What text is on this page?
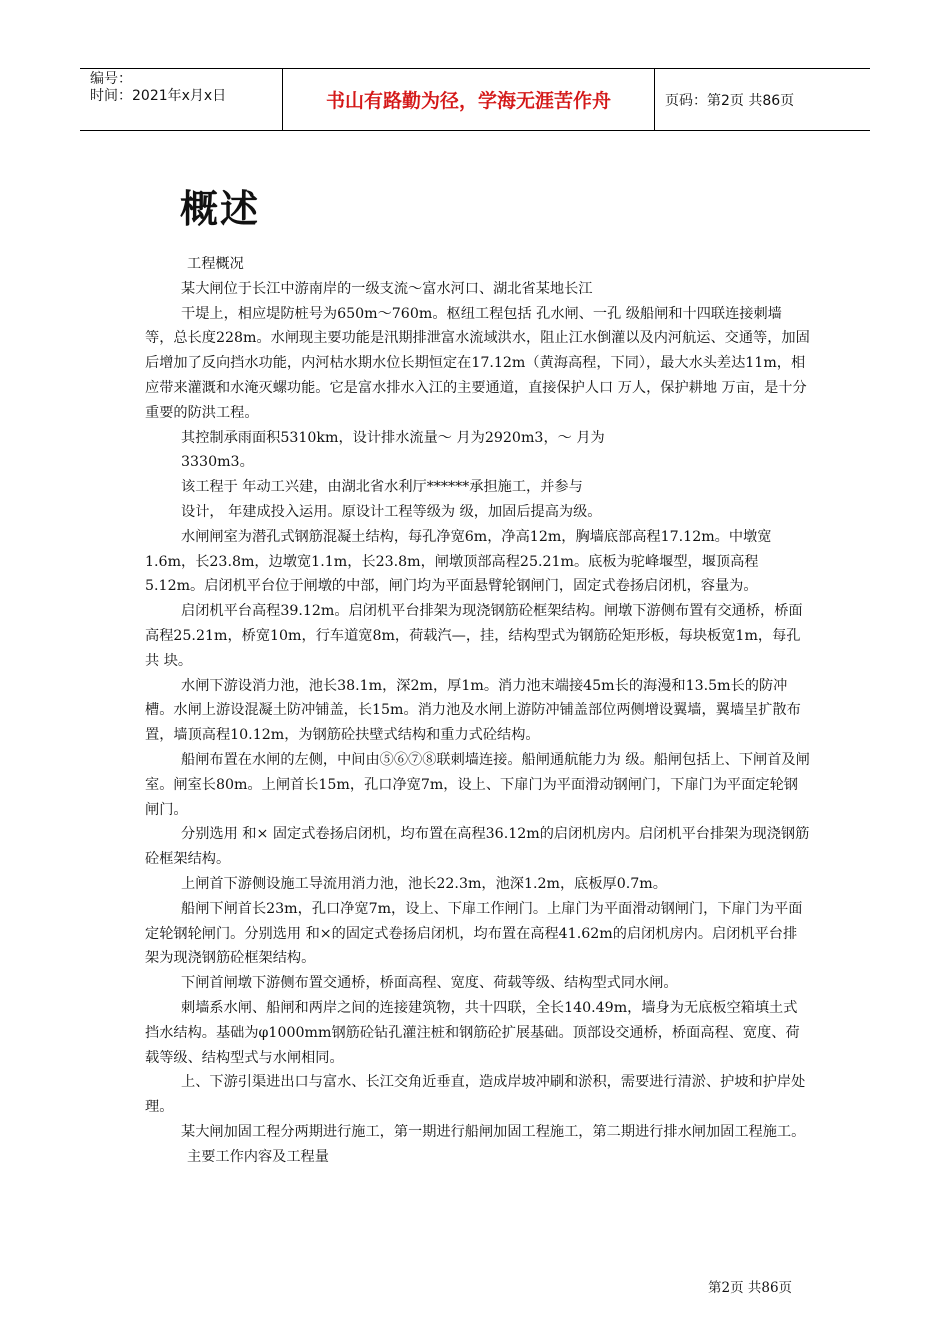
编号：
时间：2021年x月x日	书山有路勤为径，学海无涯苦作舟	页码：第2页 共86页
概述

工程概况

某大闸位于长江中游南岸的一级支流～富水河口、湖北省某地长江

干堤上，相应堤防桩号为650m～760m。枢纽工程包括 孔水闸、一孔 级船闸和十四联连接刺墙等，总长度228m。水闸现主要功能是汛期排泄富水流域洪水，阻止江水倒灌以及内河航运、交通等，加固后增加了反向挡水功能，内河枯水期水位长期恒定在17.12m（黄海高程，下同），最大水头差达11m，相应带来灌溉和水淹灭螺功能。它是富水排水入江的主要通道，直接保护人口 万人，保护耕地 万亩，是十分重要的防洪工程。

其控制承雨面积5310km，设计排水流量～ 月为2920m3，～ 月为

3330m3。

该工程于 年动工兴建，由湖北省水利厅******承担施工，并参与

设计， 年建成投入运用。原设计工程等级为 级，加固后提高为级。

水闸闸室为潜孔式钢筋混凝土结构，每孔净宽6m，净高12m，胸墙底部高程17.12m。中墩宽1.6m，长23.8m，边墩宽1.1m，长23.8m，闸墩顶部高程25.21m。底板为驼峰堰型，堰顶高程5.12m。启闭机平台位于闸墩的中部，闸门均为平面悬臂轮钢闸门，固定式卷扬启闭机，容量为。

启闭机平台高程39.12m。启闭机平台排架为现浇钢筋砼框架结构。闸墩下游侧布置有交通桥，桥面高程25.21m，桥宽10m，行车道宽8m，荷载汽—，挂，结构型式为钢筋砼矩形板，每块板宽1m，每孔共 块。

水闸下游设消力池，池长38.1m，深2m，厚1m。消力池末端接45m长的海漫和13.5m长的防冲槽。水闸上游设混凝土防冲铺盖，长15m。消力池及水闸上游防冲铺盖部位两侧增设翼墙，翼墙呈扩散布置，墙顶高程10.12m，为钢筋砼扶壁式结构和重力式砼结构。

船闸布置在水闸的左侧，中间由⑤⑥⑦⑧联刺墙连接。船闸通航能力为 级。船闸包括上、下闸首及闸室。闸室长80m。上闸首长15m，孔口净宽7m，设上、下扉门为平面滑动钢闸门，下扉门为平面定轮钢闸门。

分别选用 和× 固定式卷扬启闭机，均布置在高程36.12m的启闭机房内。启闭机平台排架为现浇钢筋砼框架结构。

上闸首下游侧设施工导流用消力池，池长22.3m，池深1.2m，底板厚0.7m。

船闸下闸首长23m，孔口净宽7m，设上、下扉工作闸门。上扉门为平面滑动钢闸门，下扉门为平面定轮钢轮闸门。分别选用 和×的固定式卷扬启闭机，均布置在高程41.62m的启闭机房内。启闭机平台排架为现浇钢筋砼框架结构。

下闸首闸墩下游侧布置交通桥，桥面高程、宽度、荷载等级、结构型式同水闸。

刺墙系水闸、船闸和两岸之间的连接建筑物，共十四联，全长140.49m，墙身为无底板空箱填土式挡水结构。基础为φ1000mm钢筋砼钻孔灌注桩和钢筋砼扩展基础。顶部设交通桥，桥面高程、宽度、荷载等级、结构型式与水闸相同。

上、下游引渠进出口与富水、长江交角近垂直，造成岸坡冲刷和淤积，需要进行清淤、护坡和护岸处理。

某大闸加固工程分两期进行施工，第一期进行船闸加固工程施工，第二期进行排水闸加固工程施工。

主要工作内容及工程量

第2页 共86页
